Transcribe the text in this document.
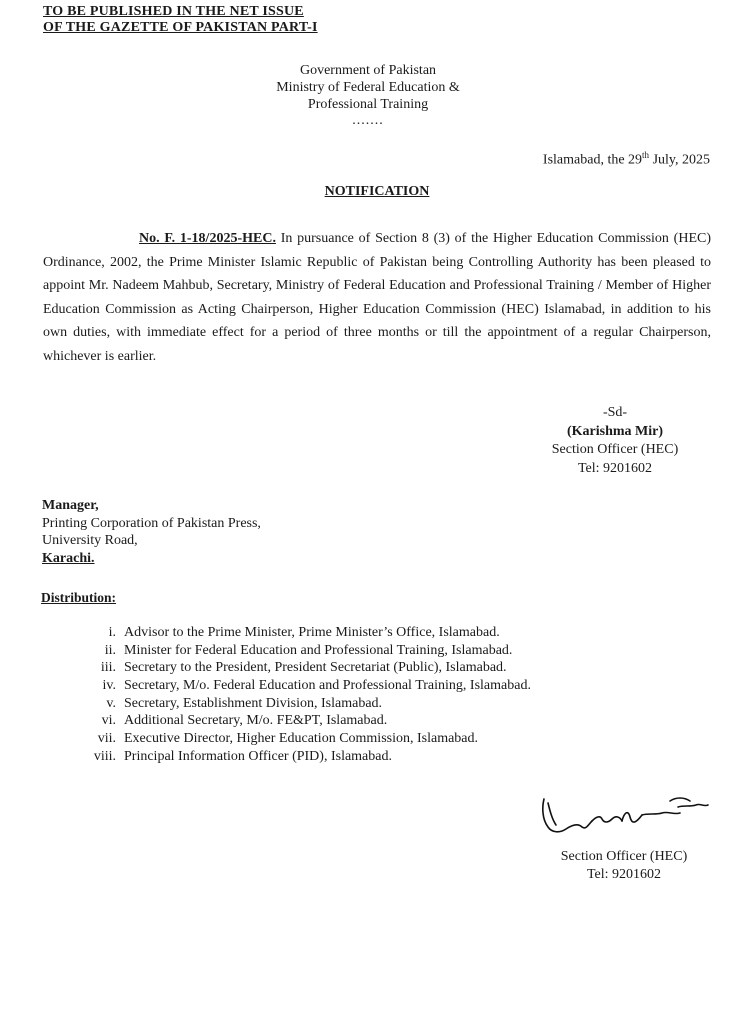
TO BE PUBLISHED IN THE NET ISSUE
OF THE GAZETTE OF PAKISTAN PART-I
Government of Pakistan
Ministry of Federal Education &
Professional Training
.......
Islamabad, the 29th July, 2025
NOTIFICATION
No. F. 1-18/2025-HEC. In pursuance of Section 8 (3) of the Higher Education Commission (HEC) Ordinance, 2002, the Prime Minister Islamic Republic of Pakistan being Controlling Authority has been pleased to appoint Mr. Nadeem Mahbub, Secretary, Ministry of Federal Education and Professional Training / Member of Higher Education Commission as Acting Chairperson, Higher Education Commission (HEC) Islamabad, in addition to his own duties, with immediate effect for a period of three months or till the appointment of a regular Chairperson, whichever is earlier.
-Sd-
(Karishma Mir)
Section Officer (HEC)
Tel: 9201602
Manager,
Printing Corporation of Pakistan Press,
University Road,
Karachi.
Distribution:
i. Advisor to the Prime Minister, Prime Minister’s Office, Islamabad.
ii. Minister for Federal Education and Professional Training, Islamabad.
iii. Secretary to the President, President Secretariat (Public), Islamabad.
iv. Secretary, M/o. Federal Education and Professional Training, Islamabad.
v. Secretary, Establishment Division, Islamabad.
vi. Additional Secretary, M/o. FE&PT, Islamabad.
vii. Executive Director, Higher Education Commission, Islamabad.
viii. Principal Information Officer (PID), Islamabad.
Section Officer (HEC)
Tel: 9201602
